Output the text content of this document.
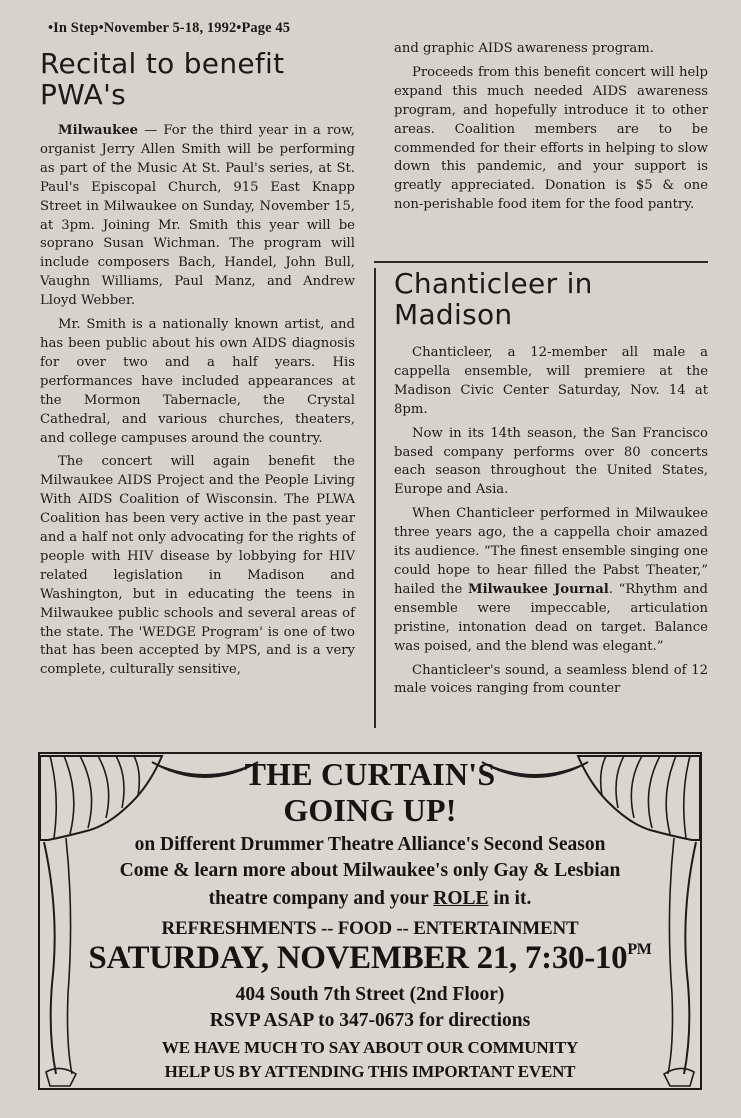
•In Step•November 5-18, 1992•Page 45
Recital to benefit PWA's

Milwaukee — For the third year in a row, organist Jerry Allen Smith will be performing as part of the Music At St. Paul's series, at St. Paul's Episcopal Church, 915 East Knapp Street in Milwaukee on Sunday, November 15, at 3pm. Joining Mr. Smith this year will be soprano Susan Wichman. The program will include composers Bach, Handel, John Bull, Vaughn Williams, Paul Manz, and Andrew Lloyd Webber.

Mr. Smith is a nationally known artist, and has been public about his own AIDS diagnosis for over two and a half years. His performances have included appearances at the Mormon Tabernacle, the Crystal Cathedral, and various churches, theaters, and college campuses around the country.

The concert will again benefit the Milwaukee AIDS Project and the People Living With AIDS Coalition of Wisconsin. The PLWA Coalition has been very active in the past year and a half not only advocating for the rights of people with HIV disease by lobbying for HIV related legislation in Madison and Washington, but in educating the teens in Milwaukee public schools and several areas of the state. The 'WEDGE Program' is one of two that has been accepted by MPS, and is a very complete, culturally sensitive,

and graphic AIDS awareness program.

Proceeds from this benefit concert will help expand this much needed AIDS awareness program, and hopefully introduce it to other areas. Coalition members are to be commended for their efforts in helping to slow down this pandemic, and your support is greatly appreciated. Donation is $5 & one non-perishable food item for the food pantry.

Chanticleer in Madison

Chanticleer, a 12-member all male a cappella ensemble, will premiere at the Madison Civic Center Saturday, Nov. 14 at 8pm.

Now in its 14th season, the San Francisco based company performs over 80 concerts each season throughout the United States, Europe and Asia.

When Chanticleer performed in Milwaukee three years ago, the a cappella choir amazed its audience. “The finest ensemble singing one could hope to hear filled the Pabst Theater,” hailed the Milwaukee Journal. “Rhythm and ensemble were impeccable, articulation pristine, intonation dead on target. Balance was poised, and the blend was elegant.”

Chanticleer's sound, a seamless blend of 12 male voices ranging from counter

THE CURTAIN'S
GOING UP!
on Different Drummer Theatre Alliance's Second Season
Come & learn more about Milwaukee's only Gay & Lesbian
theatre company and your ROLE in it.
REFRESHMENTS -- FOOD -- ENTERTAINMENT
SATURDAY, NOVEMBER 21, $7:30-10^{PM}$
404 South 7th Street (2nd Floor)
RSVP ASAP to 347-0673 for directions
WE HAVE MUCH TO SAY ABOUT OUR COMMUNITY
HELP US BY ATTENDING THIS IMPORTANT EVENT
